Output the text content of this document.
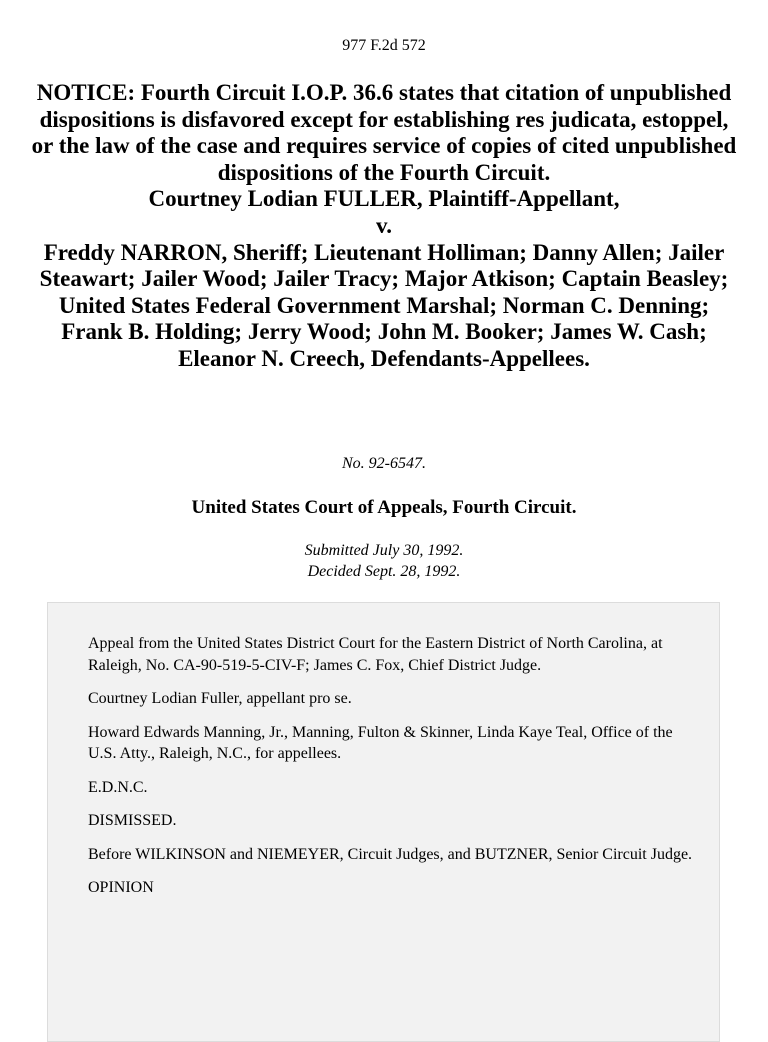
977 F.2d 572
NOTICE: Fourth Circuit I.O.P. 36.6 states that citation of unpublished dispositions is disfavored except for establishing res judicata, estoppel, or the law of the case and requires service of copies of cited unpublished dispositions of the Fourth Circuit.
Courtney Lodian FULLER, Plaintiff-Appellant,
v.
Freddy NARRON, Sheriff; Lieutenant Holliman; Danny Allen; Jailer Steawart; Jailer Wood; Jailer Tracy; Major Atkison; Captain Beasley; United States Federal Government Marshal; Norman C. Denning; Frank B. Holding; Jerry Wood; John M. Booker; James W. Cash; Eleanor N. Creech, Defendants-Appellees.
No. 92-6547.
United States Court of Appeals, Fourth Circuit.
Submitted July 30, 1992.
Decided Sept. 28, 1992.

Appeal from the United States District Court for the Eastern District of North Carolina, at Raleigh, No. CA-90-519-5-CIV-F; James C. Fox, Chief District Judge.

Courtney Lodian Fuller, appellant pro se.

Howard Edwards Manning, Jr., Manning, Fulton & Skinner, Linda Kaye Teal, Office of the U.S. Atty., Raleigh, N.C., for appellees.

E.D.N.C.

DISMISSED.

Before WILKINSON and NIEMEYER, Circuit Judges, and BUTZNER, Senior Circuit Judge.

OPINION
